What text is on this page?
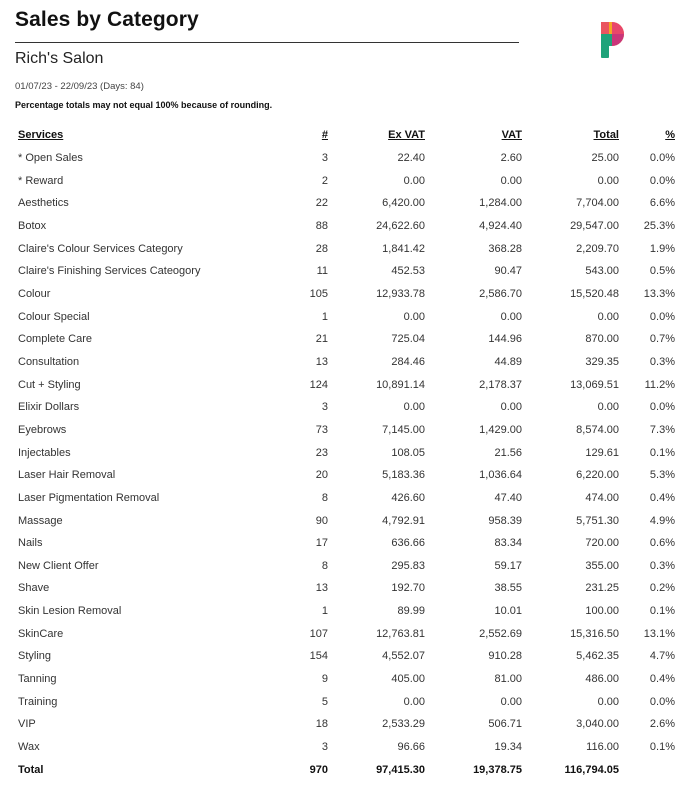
Sales by Category
Rich's Salon
01/07/23 - 22/09/23 (Days: 84)
Percentage totals may not equal 100% because of rounding.
Services	#	Ex VAT	VAT	Total	%
* Open Sales	3	22.40	2.60	25.00	0.0%
* Reward	2	0.00	0.00	0.00	0.0%
Aesthetics	22	6,420.00	1,284.00	7,704.00	6.6%
Botox	88	24,622.60	4,924.40	29,547.00	25.3%
Claire's Colour Services Category	28	1,841.42	368.28	2,209.70	1.9%
Claire's Finishing Services Cateogory	11	452.53	90.47	543.00	0.5%
Colour	105	12,933.78	2,586.70	15,520.48	13.3%
Colour Special	1	0.00	0.00	0.00	0.0%
Complete Care	21	725.04	144.96	870.00	0.7%
Consultation	13	284.46	44.89	329.35	0.3%
Cut + Styling	124	10,891.14	2,178.37	13,069.51	11.2%
Elixir Dollars	3	0.00	0.00	0.00	0.0%
Eyebrows	73	7,145.00	1,429.00	8,574.00	7.3%
Injectables	23	108.05	21.56	129.61	0.1%
Laser Hair Removal	20	5,183.36	1,036.64	6,220.00	5.3%
Laser Pigmentation Removal	8	426.60	47.40	474.00	0.4%
Massage	90	4,792.91	958.39	5,751.30	4.9%
Nails	17	636.66	83.34	720.00	0.6%
New Client Offer	8	295.83	59.17	355.00	0.3%
Shave	13	192.70	38.55	231.25	0.2%
Skin Lesion Removal	1	89.99	10.01	100.00	0.1%
SkinCare	107	12,763.81	2,552.69	15,316.50	13.1%
Styling	154	4,552.07	910.28	5,462.35	4.7%
Tanning	9	405.00	81.00	486.00	0.4%
Training	5	0.00	0.00	0.00	0.0%
VIP	18	2,533.29	506.71	3,040.00	2.6%
Wax	3	96.66	19.34	116.00	0.1%
Total	970	97,415.30	19,378.75	116,794.05	
